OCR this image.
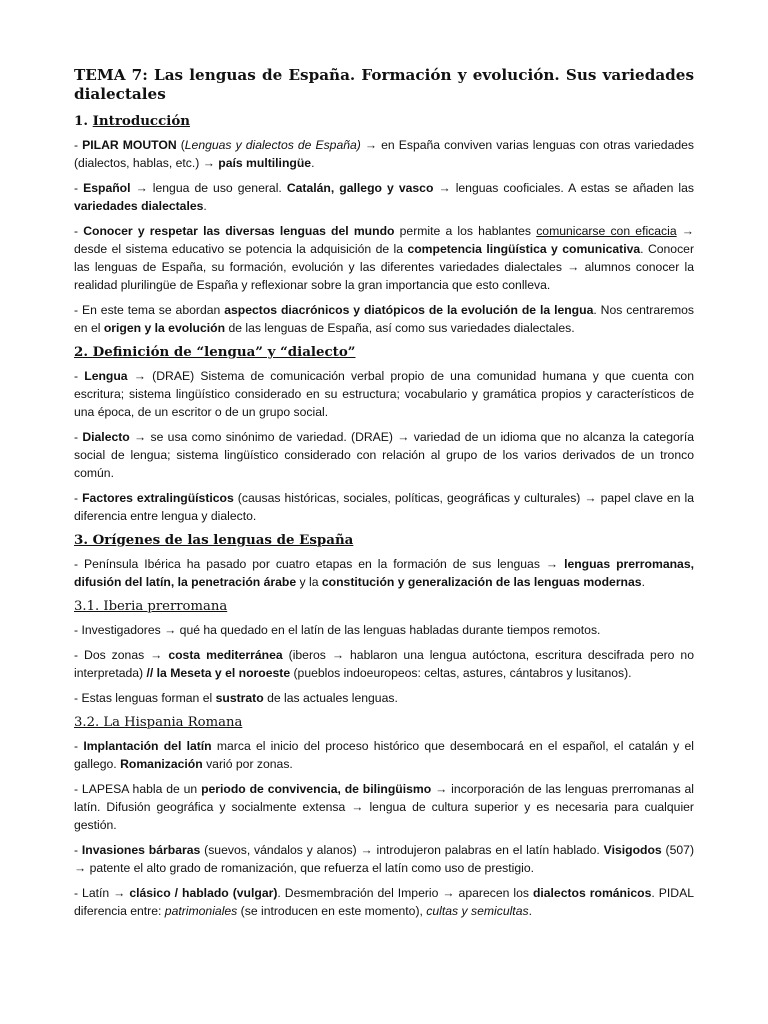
TEMA 7: Las lenguas de España. Formación y evolución. Sus variedades dialectales
1. Introducción

- PILAR MOUTON (Lenguas y dialectos de España) → en España conviven varias lenguas con otras variedades (dialectos, hablas, etc.) → país multilingüe.

- Español → lengua de uso general. Catalán, gallego y vasco → lenguas cooficiales. A estas se añaden las variedades dialectales.

- Conocer y respetar las diversas lenguas del mundo permite a los hablantes comunicarse con eficacia → desde el sistema educativo se potencia la adquisición de la competencia lingüística y comunicativa. Conocer las lenguas de España, su formación, evolución y las diferentes variedades dialectales → alumnos conocer la realidad plurilingüe de España y reflexionar sobre la gran importancia que esto conlleva.

- En este tema se abordan aspectos diacrónicos y diatópicos de la evolución de la lengua. Nos centraremos en el origen y la evolución de las lenguas de España, así como sus variedades dialectales.

2. Definición de “lengua” y “dialecto”

- Lengua → (DRAE) Sistema de comunicación verbal propio de una comunidad humana y que cuenta con escritura; sistema lingüístico considerado en su estructura; vocabulario y gramática propios y característicos de una época, de un escritor o de un grupo social.

- Dialecto → se usa como sinónimo de variedad. (DRAE) → variedad de un idioma que no alcanza la categoría social de lengua; sistema lingüístico considerado con relación al grupo de los varios derivados de un tronco común.

- Factores extralingüísticos (causas históricas, sociales, políticas, geográficas y culturales) → papel clave en la diferencia entre lengua y dialecto.

3. Orígenes de las lenguas de España

- Península Ibérica ha pasado por cuatro etapas en la formación de sus lenguas → lenguas prerromanas, difusión del latín, la penetración árabe y la constitución y generalización de las lenguas modernas.

3.1. Iberia prerromana

- Investigadores → qué ha quedado en el latín de las lenguas habladas durante tiempos remotos.

- Dos zonas → costa mediterránea (iberos → hablaron una lengua autóctona, escritura descifrada pero no interpretada) // la Meseta y el noroeste (pueblos indoeuropeos: celtas, astures, cántabros y lusitanos).

- Estas lenguas forman el sustrato de las actuales lenguas.

3.2. La Hispania Romana

- Implantación del latín marca el inicio del proceso histórico que desembocará en el español, el catalán y el gallego. Romanización varió por zonas.

- LAPESA habla de un periodo de convivencia, de bilingüismo → incorporación de las lenguas prerromanas al latín. Difusión geográfica y socialmente extensa → lengua de cultura superior y es necesaria para cualquier gestión.

- Invasiones bárbaras (suevos, vándalos y alanos) → introdujeron palabras en el latín hablado. Visigodos (507) → patente el alto grado de romanización, que refuerza el latín como uso de prestigio.

- Latín → clásico / hablado (vulgar). Desmembración del Imperio → aparecen los dialectos románicos. PIDAL diferencia entre: patrimoniales (se introducen en este momento), cultas y semicultas.
